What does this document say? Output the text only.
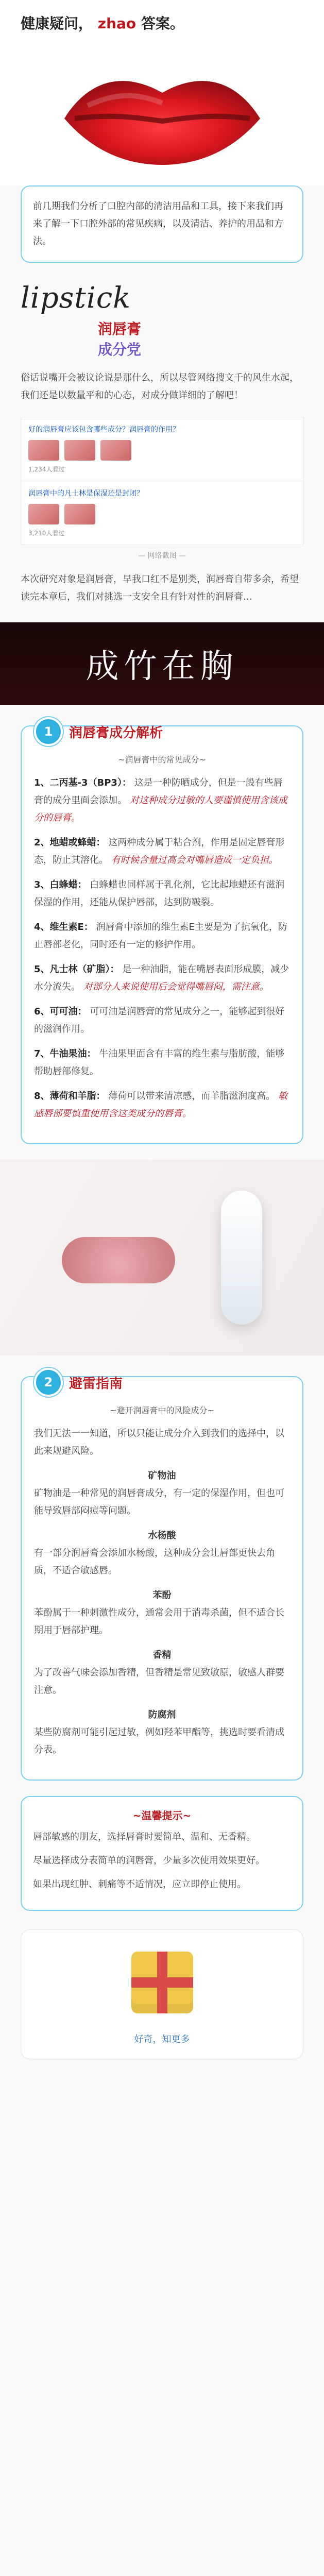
健康疑问， zhao 答案。
前几期我们分析了口腔内部的清洁用品和工具，接下来我们再来了解一下口腔外部的常见疾病，以及清洁、养护的用品和方法。
lipstick
润唇膏
成分党
俗话说嘴开会被议论说是那什么，所以尽管网络搜文千的风生水起，我们还是以数量平和的心态，对成分做详细的了解吧！
好的润唇膏应该包含哪些成分？润唇膏的作用？
1,234人看过
润唇膏中的凡士林是保湿还是封闭？
3,210人看过
— 网络截图 —
本次研究对象是润唇膏，早我口红不是别类，润唇膏自带多余，希望读完本章后，我们对挑选一支安全且有针对性的润唇膏…
成竹在胸
1	润唇膏成分解析
~润唇膏中的常见成分~
1、二丙基-3（BP3）： 这是一种防晒成分，但是一般有些唇膏的成分里面会添加。 对这种成分过敏的人要谨慎使用含该成分的唇膏。
2、地蜡或蜂蜡： 这两种成分属于粘合剂，作用是固定唇膏形态，防止其溶化。 有时候含量过高会对嘴唇造成一定负担。
3、白蜂蜡： 白蜂蜡也同样属于乳化剂，它比起地蜡还有滋润保湿的作用，还能从保护唇部，达到防皲裂。
4、维生素E： 润唇膏中添加的维生素E主要是为了抗氧化，防止唇部老化，同时还有一定的修护作用。
5、凡士林（矿脂）： 是一种油脂，能在嘴唇表面形成膜，减少水分流失。 对部分人来说使用后会觉得嘴唇闷，需注意。
6、可可油： 可可油是润唇膏的常见成分之一，能够起到很好的滋润作用。
7、牛油果油： 牛油果里面含有丰富的维生素与脂肪酸，能够帮助唇部修复。
8、薄荷和羊脂： 薄荷可以带来清凉感，而羊脂滋润度高。 敏感唇部要慎重使用含这类成分的唇膏。
2	避雷指南
~避开润唇膏中的风险成分~
我们无法一一知道，所以只能让成分介入到我们的选择中，以此来规避风险。
矿物油
矿物油是一种常见的润唇膏成分，有一定的保湿作用，但也可能导致唇部闷痘等问题。
水杨酸
有一部分润唇膏会添加水杨酸，这种成分会让唇部更快去角质，不适合敏感唇。
苯酚
苯酚属于一种刺激性成分，通常会用于消毒杀菌，但不适合长期用于唇部护理。
香精
为了改善气味会添加香精，但香精是常见致敏原，敏感人群要注意。
防腐剂
某些防腐剂可能引起过敏，例如羟苯甲酯等，挑选时要看清成分表。
~温馨提示~

唇部敏感的朋友，选择唇膏时要简单、温和、无香精。

尽量选择成分表简单的润唇膏，少量多次使用效果更好。

如果出现红肿、刺痛等不适情况，应立即停止使用。

好奇，知更多
